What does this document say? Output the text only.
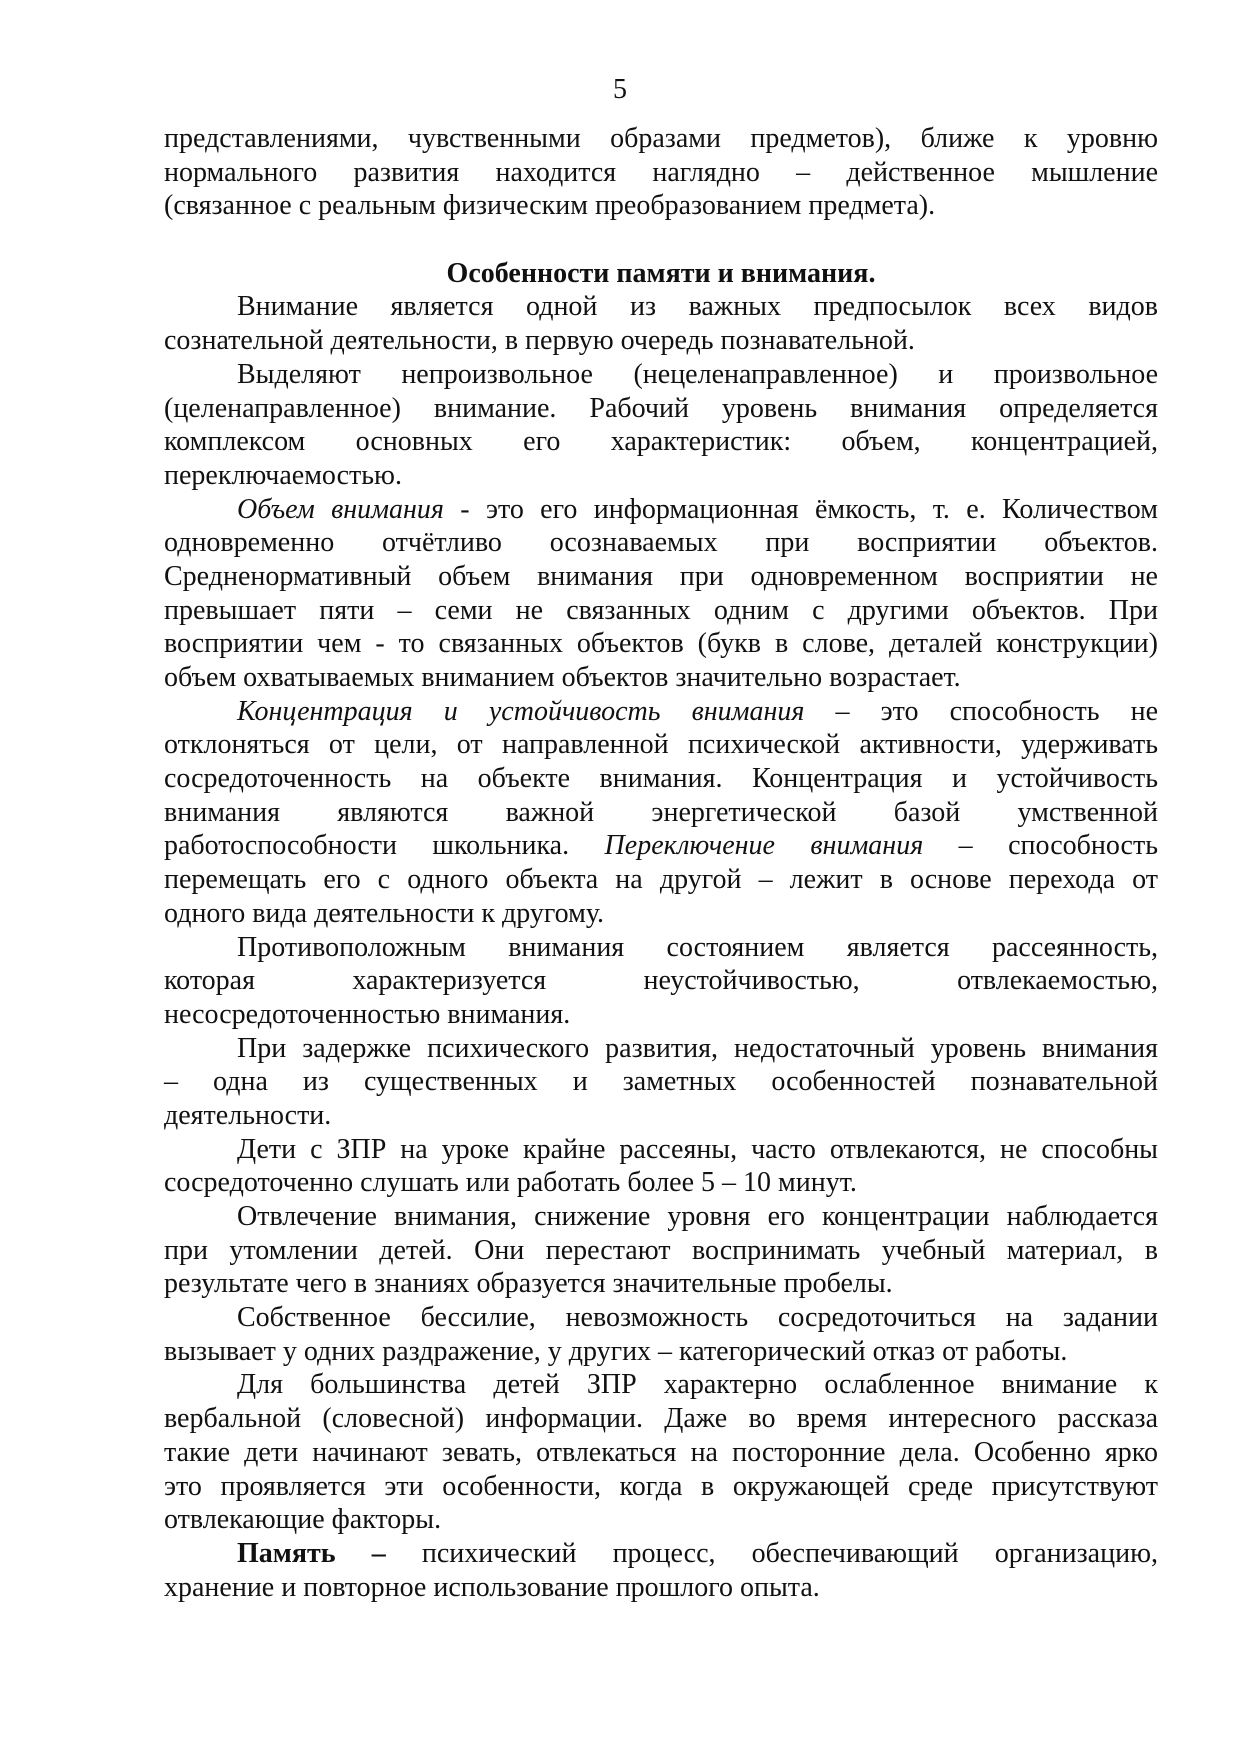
5
представлениями, чувственными образами предметов), ближе к уровню
нормального развития находится наглядно – действенное мышление
(связанное с реальным физическим преобразованием предмета).
Особенности памяти и внимания.
Внимание является одной из важных предпосылок всех видов
сознательной деятельности, в первую очередь познавательной.
Выделяют непроизвольное (нецеленаправленное) и произвольное
(целенаправленное) внимание. Рабочий уровень внимания определяется
комплексом основных его характеристик: объем, концентрацией,
переключаемостью.
Объем внимания - это его информационная ёмкость, т. е. Количеством
одновременно отчётливо осознаваемых при восприятии объектов.
Средненормативный объем внимания при одновременном восприятии не
превышает пяти – семи не связанных одним с другими объектов. При
восприятии чем - то связанных объектов (букв в слове, деталей конструкции)
объем охватываемых вниманием объектов значительно возрастает.
Концентрация и устойчивость внимания – это способность не
отклоняться от цели, от направленной психической активности, удерживать
сосредоточенность на объекте внимания. Концентрация и устойчивость
внимания являются важной энергетической базой умственной
работоспособности школьника. Переключение внимания – способность
перемещать его с одного объекта на другой – лежит в основе перехода от
одного вида деятельности к другому.
Противоположным внимания состоянием является рассеянность,
которая характеризуется неустойчивостью, отвлекаемостью,
несосредоточенностью внимания.
При задержке психического развития, недостаточный уровень внимания
– одна из существенных и заметных особенностей познавательной
деятельности.
Дети с ЗПР на уроке крайне рассеяны, часто отвлекаются, не способны
сосредоточенно слушать или работать более 5 – 10 минут.
Отвлечение внимания, снижение уровня его концентрации наблюдается
при утомлении детей. Они перестают воспринимать учебный материал, в
результате чего в знаниях образуется значительные пробелы.
Собственное бессилие, невозможность сосредоточиться на задании
вызывает у одних раздражение, у других – категорический отказ от работы.
Для большинства детей ЗПР характерно ослабленное внимание к
вербальной (словесной) информации. Даже во время интересного рассказа
такие дети начинают зевать, отвлекаться на посторонние дела. Особенно ярко
это проявляется эти особенности, когда в окружающей среде присутствуют
отвлекающие факторы.
Память – психический процесс, обеспечивающий организацию,
хранение и повторное использование прошлого опыта.
